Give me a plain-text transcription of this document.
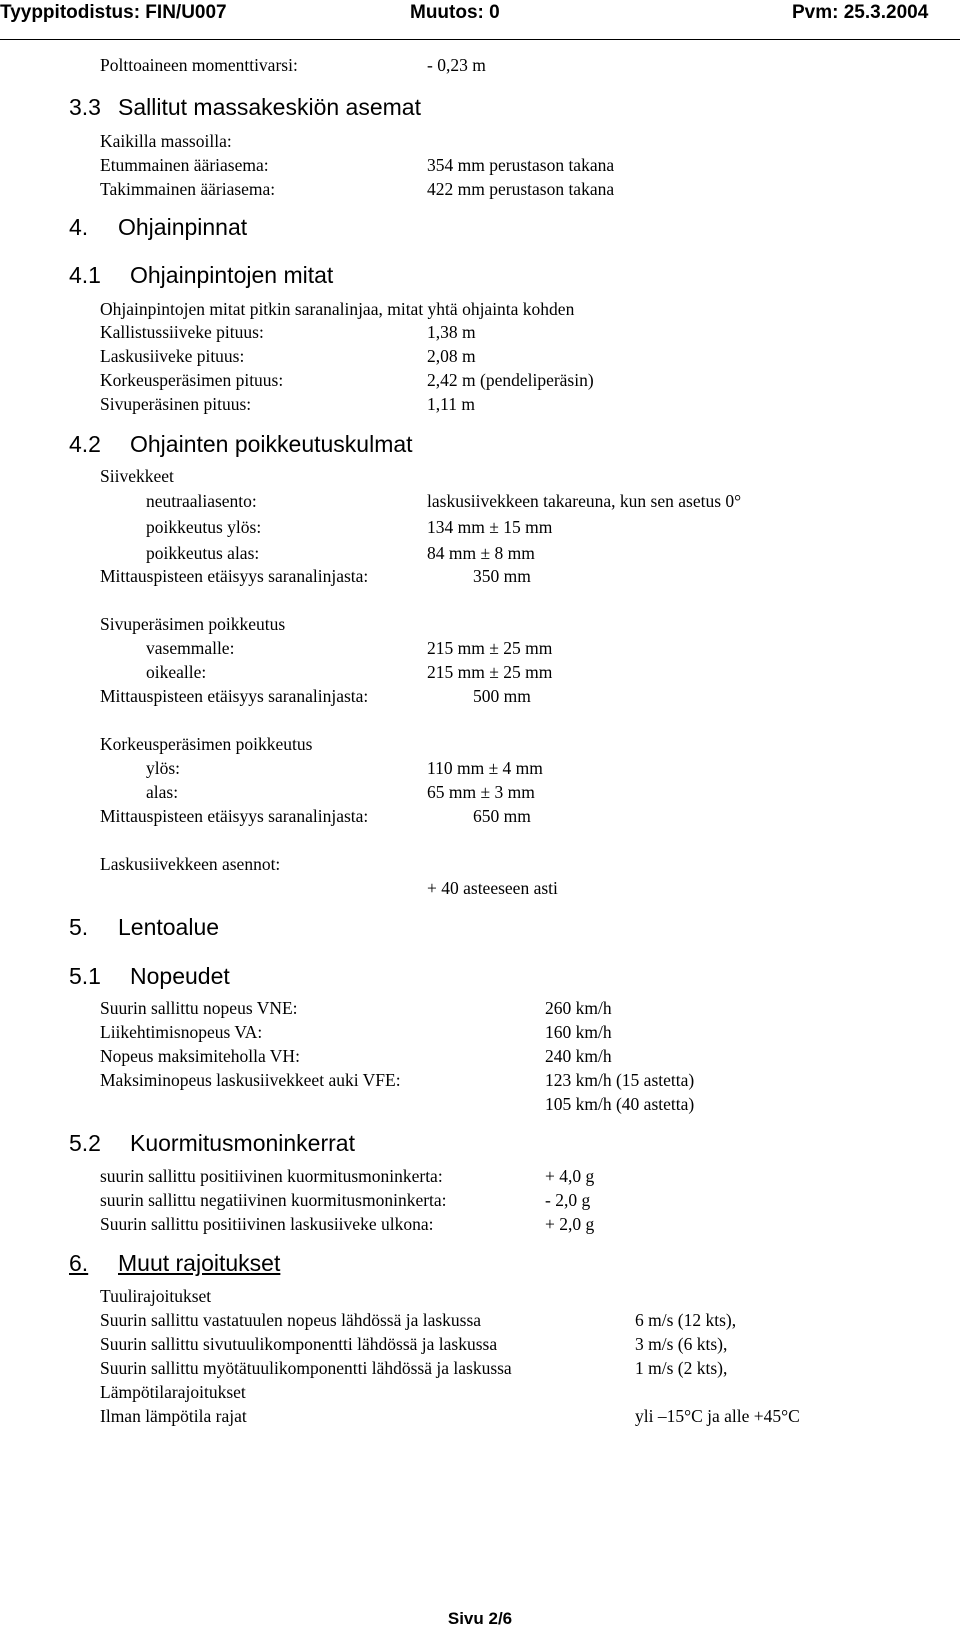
Tyyppitodistus: FIN/U007	Muutos: 0	Pvm: 25.3.2004
Polttoaineen momenttivarsi:	- 0,23 m
3.3 Sallitut massakeskiön asemat
Kaikilla massoilla:
Etummainen ääriasema:	354 mm perustason takana
Takimmainen ääriasema:	422 mm perustason takana
4. Ohjainpinnat
4.1 Ohjainpintojen mitat
Ohjainpintojen mitat pitkin saranalinjaa, mitat yhtä ohjainta kohden
Kallistussiiveke pituus:	1,38 m
Laskusiiveke pituus:	2,08 m
Korkeusperäsimen pituus:	2,42 m (pendeliperäsin)
Sivuperäsinen pituus:	1,11 m
4.2 Ohjainten poikkeutuskulmat
Siivekkeet
neutraaliasento:	laskusiivekkeen takareuna, kun sen asetus 0°
poikkeutus ylös:	134 mm ± 15 mm
poikkeutus alas:	84 mm ± 8 mm
Mittauspisteen etäisyys saranalinjasta:	350 mm
Sivuperäsimen poikkeutus
vasemmalle:	215 mm ± 25 mm
oikealle:	215 mm ± 25 mm
Mittauspisteen etäisyys saranalinjasta:	500 mm
Korkeusperäsimen poikkeutus
ylös:	110 mm ± 4 mm
alas:	65 mm ± 3 mm
Mittauspisteen etäisyys saranalinjasta:	650 mm
Laskusiivekkeen asennot:
+ 40 asteeseen asti
5. Lentoalue
5.1 Nopeudet
Suurin sallittu nopeus VNE:	260 km/h
Liikehtimisnopeus VA:	160 km/h
Nopeus maksimiteholla VH:	240 km/h
Maksiminopeus laskusiivekkeet auki VFE:	123 km/h (15 astetta)
105 km/h (40 astetta)
5.2 Kuormitusmoninkerrat
suurin sallittu positiivinen kuormitusmoninkerta:	+ 4,0 g
suurin sallittu negatiivinen kuormitusmoninkerta:	- 2,0 g
Suurin sallittu positiivinen laskusiiveke ulkona:	+ 2,0 g
6. Muut rajoitukset
Tuulirajoitukset
Suurin sallittu vastatuulen nopeus lähdössä ja laskussa	6 m/s (12 kts),
Suurin sallittu sivutuulikomponentti lähdössä ja laskussa	3 m/s (6 kts),
Suurin sallittu myötätuulikomponentti lähdössä ja laskussa	1 m/s (2 kts),
Lämpötilarajoitukset
Ilman lämpötila rajat	yli –15°C ja alle +45°C
Sivu 2/6
